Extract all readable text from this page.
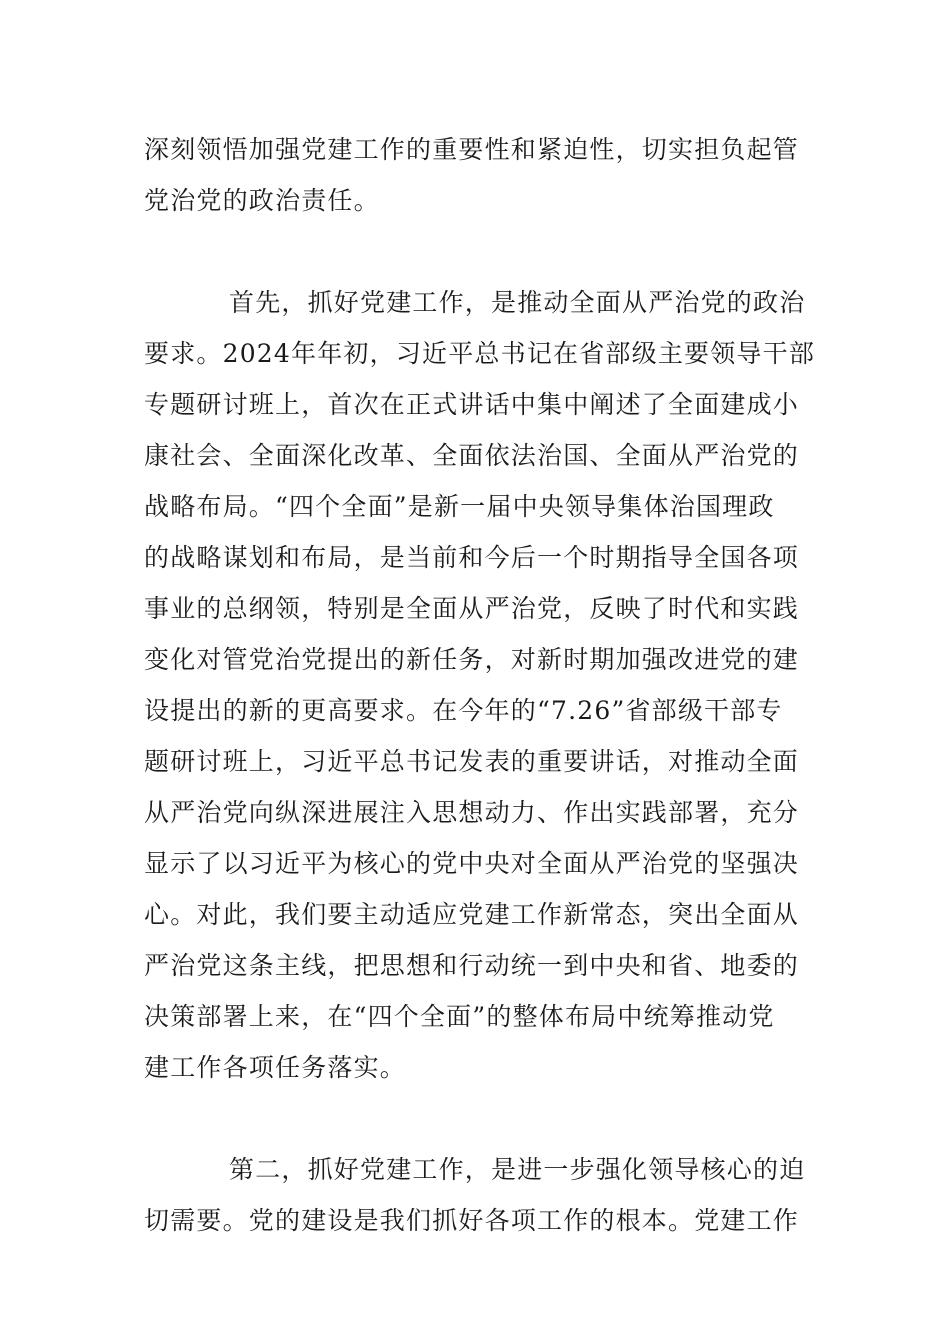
深刻领悟加强党建工作的重要性和紧迫性，切实担负起管

党治党的政治责任。

首先，抓好党建工作，是推动全面从严治党的政治

要求。2024年年初，习近平总书记在省部级主要领导干部

专题研讨班上，首次在正式讲话中集中阐述了全面建成小

康社会、全面深化改革、全面依法治国、全面从严治党的

战略布局。“四个全面”是新一届中央领导集体治国理政

的战略谋划和布局，是当前和今后一个时期指导全国各项

事业的总纲领，特别是全面从严治党，反映了时代和实践

变化对管党治党提出的新任务，对新时期加强改进党的建

设提出的新的更高要求。在今年的“7.26”省部级干部专

题研讨班上，习近平总书记发表的重要讲话，对推动全面

从严治党向纵深进展注入思想动力、作出实践部署，充分

显示了以习近平为核心的党中央对全面从严治党的坚强决

心。对此，我们要主动适应党建工作新常态，突出全面从

严治党这条主线，把思想和行动统一到中央和省、地委的

决策部署上来，在“四个全面”的整体布局中统筹推动党

建工作各项任务落实。

第二，抓好党建工作，是进一步强化领导核心的迫

切需要。党的建设是我们抓好各项工作的根本。党建工作
